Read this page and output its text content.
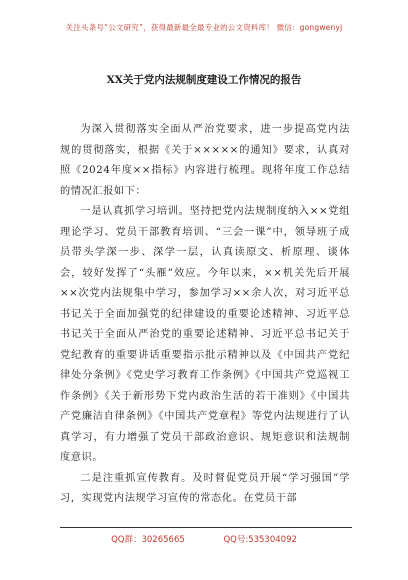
关注头条号“公文研究”，获得最新最全最专业的公文资料库！ 微信：gongwenyj
XX关于党内法规制度建设工作情况的报告

为深入贯彻落实全面从严治党要求，进一步提高党内法规的贯彻落实，根据《关于×××××的通知》要求，认真对照《2024年度××指标》内容进行梳理。现将年度工作总结的情况汇报如下：

一是认真抓学习培训。坚持把党内法规制度纳入××党组理论学习、党员干部教育培训、“三会一课”中，领导班子成员带头学深一步、深学一层，认真读原文、析原理、谈体会，较好发挥了“头雁”效应。今年以来，××机关先后开展××次党内法规集中学习，参加学习××余人次，对习近平总书记关于全面加强党的纪律建设的重要论述精神、习近平总书记关于全面从严治党的重要论述精神、习近平总书记关于党纪教育的重要讲话重要指示批示精神以及《中国共产党纪律处分条例》《党史学习教育工作条例》《中国共产党巡视工作条例》《关于新形势下党内政治生活的若干准则》《中国共产党廉洁自律条例》《中国共产党章程》等党内法规进行了认真学习，有力增强了党员干部政治意识、规矩意识和法规制度意识。

二是注重抓宣传教育。及时督促党员开展“学习强国”学习，实现党内法规学习宣传的常态化。在党员干部

QQ群：30265665	QQ号:535304092
